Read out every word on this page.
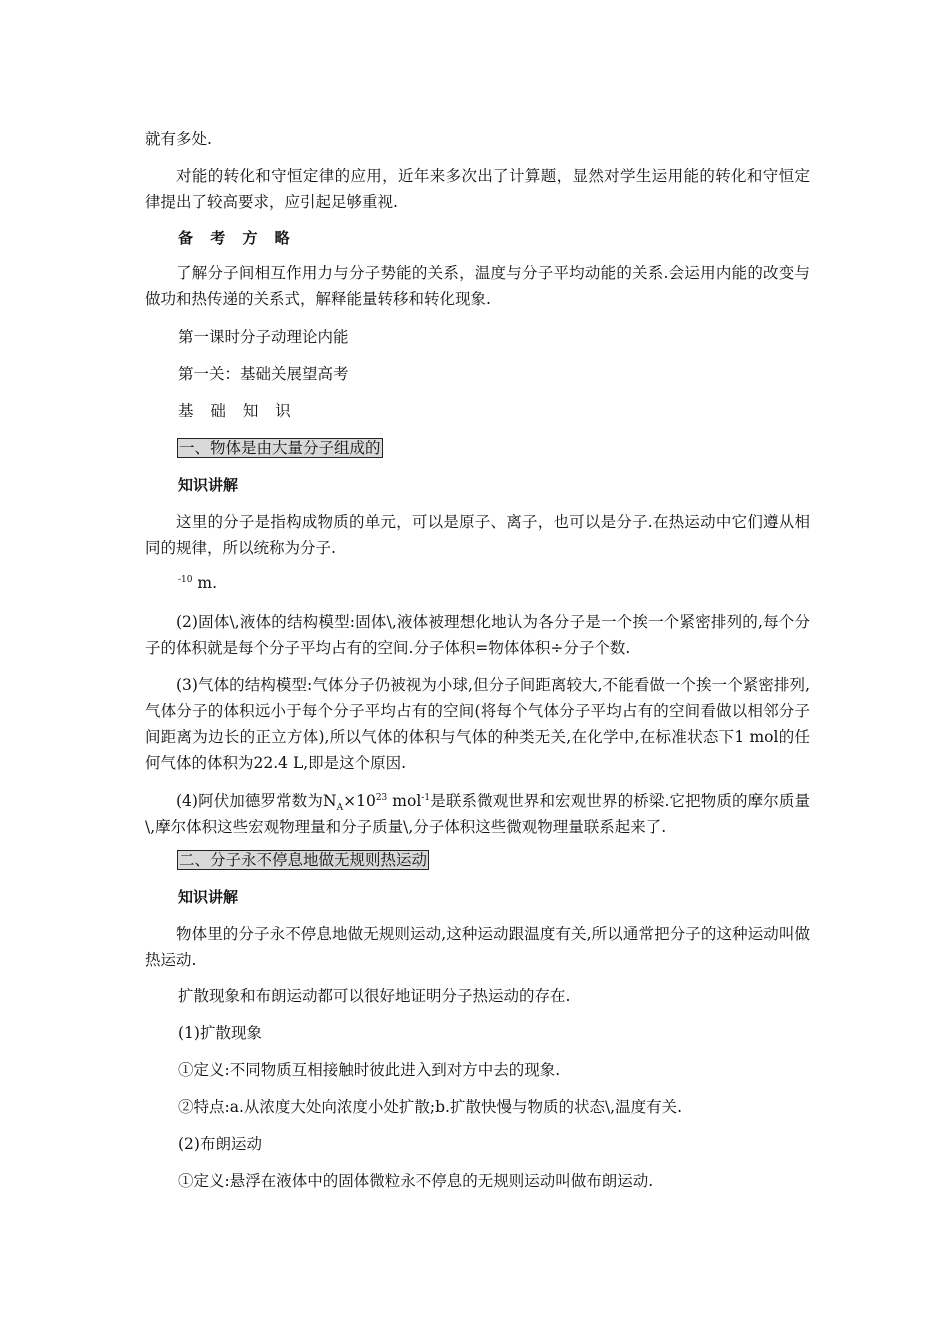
就有多处.

对能的转化和守恒定律的应用，近年来多次出了计算题，显然对学生运用能的转化和守恒定律提出了较高要求，应引起足够重视.

备 考 方 略

了解分子间相互作用力与分子势能的关系，温度与分子平均动能的关系.会运用内能的改变与做功和热传递的关系式，解释能量转移和转化现象.

第一课时分子动理论内能

第一关：基础关展望高考

基 础 知 识

一、物体是由大量分子组成的

知识讲解

这里的分子是指构成物质的单元，可以是原子、离子，也可以是分子.在热运动中它们遵从相同的规律，所以统称为分子.

$^{-10}$ m.

(2)固体\,液体的结构模型:固体\,液体被理想化地认为各分子是一个挨一个紧密排列的,每个分子的体积就是每个分子平均占有的空间.分子体积=物体体积÷分子个数.

(3)气体的结构模型:气体分子仍被视为小球,但分子间距离较大,不能看做一个挨一个紧密排列,气体分子的体积远小于每个分子平均占有的空间(将每个气体分子平均占有的空间看做以相邻分子间距离为边长的正立方体),所以气体的体积与气体的种类无关,在化学中,在标准状态下1 mol的任何气体的体积为22.4 L,即是这个原因.

(4)阿伏加德罗常数为$N_A\times 10^{23}$ mol$^{-1}$是联系微观世界和宏观世界的桥梁.它把物质的摩尔质量\,摩尔体积这些宏观物理量和分子质量\,分子体积这些微观物理量联系起来了.

二、分子永不停息地做无规则热运动

知识讲解

物体里的分子永不停息地做无规则运动,这种运动跟温度有关,所以通常把分子的这种运动叫做热运动.

扩散现象和布朗运动都可以很好地证明分子热运动的存在.

(1)扩散现象

①定义:不同物质互相接触时彼此进入到对方中去的现象.

②特点:a.从浓度大处向浓度小处扩散;b.扩散快慢与物质的状态\,温度有关.

(2)布朗运动

①定义:悬浮在液体中的固体微粒永不停息的无规则运动叫做布朗运动.
